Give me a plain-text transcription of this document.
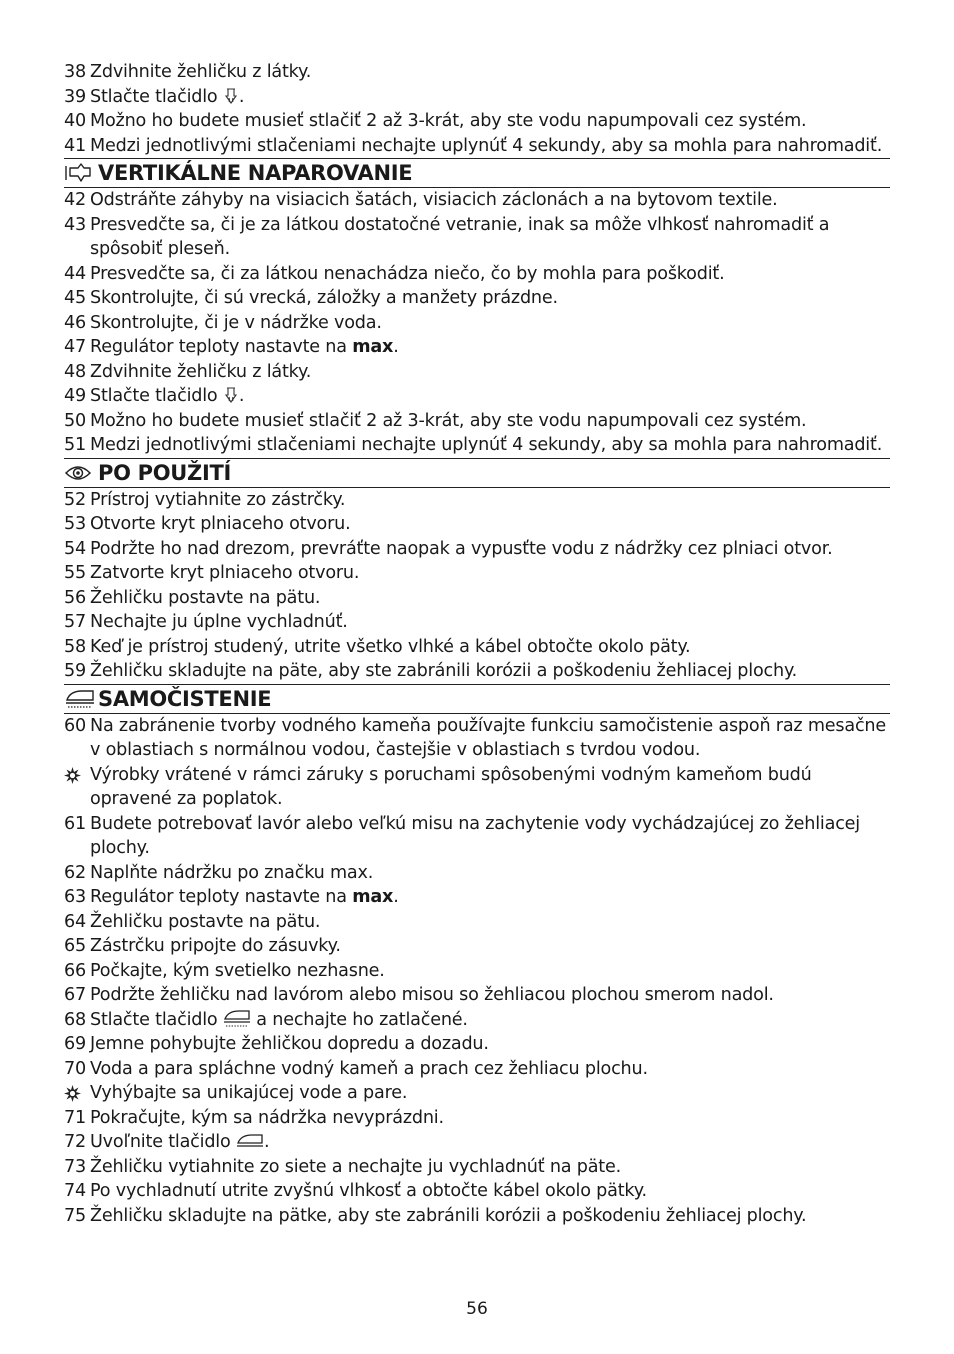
38 Zdvihnite žehličku z látky.
39 Stlačte tlačidlo .
40 Možno ho budete musieť stlačiť 2 až 3-krát, aby ste vodu napumpovali cez systém.
41 Medzi jednotlivými stlačeniami nechajte uplynúť 4 sekundy, aby sa mohla para nahromadiť.
VERTIKÁLNE NAPAROVANIE
42 Odstráňte záhyby na visiacich šatách, visiacich záclonách a na bytovom textile.
43 Presvedčte sa, či je za látkou dostatočné vetranie, inak sa môže vlhkosť nahromadiť a spôsobiť pleseň.
44 Presvedčte sa, či za látkou nenachádza niečo, čo by mohla para poškodiť.
45 Skontrolujte, či sú vrecká, záložky a manžety prázdne.
46 Skontrolujte, či je v nádržke voda.
47 Regulátor teploty nastavte na max.
48 Zdvihnite žehličku z látky.
49 Stlačte tlačidlo .
50 Možno ho budete musieť stlačiť 2 až 3-krát, aby ste vodu napumpovali cez systém.
51 Medzi jednotlivými stlačeniami nechajte uplynúť 4 sekundy, aby sa mohla para nahromadiť.
PO POUŽITÍ
52 Prístroj vytiahnite zo zástrčky.
53 Otvorte kryt plniaceho otvoru.
54 Podržte ho nad drezom, prevráťte naopak a vypusťte vodu z nádržky cez plniaci otvor.
55 Zatvorte kryt plniaceho otvoru.
56 Žehličku postavte na pätu.
57 Nechajte ju úplne vychladnúť.
58 Keď je prístroj studený, utrite všetko vlhké a kábel obtočte okolo päty.
59 Žehličku skladujte na päte, aby ste zabránili korózii a poškodeniu žehliacej plochy.
SAMOČISTENIE
60 Na zabránenie tvorby vodného kameňa používajte funkciu samočistenie aspoň raz mesačne v oblastiach s normálnou vodou, častejšie v oblastiach s tvrdou vodou.
Výrobky vrátené v rámci záruky s poruchami spôsobenými vodným kameňom budú opravené za poplatok.
61 Budete potrebovať lavór alebo veľkú misu na zachytenie vody vychádzajúcej zo žehliacej plochy.
62 Naplňte nádržku po značku max.
63 Regulátor teploty nastavte na max.
64 Žehličku postavte na pätu.
65 Zástrčku pripojte do zásuvky.
66 Počkajte, kým svetielko nezhasne.
67 Podržte žehličku nad lavórom alebo misou so žehliacou plochou smerom nadol.
68 Stlačte tlačidlo  a nechajte ho zatlačené.
69 Jemne pohybujte žehličkou dopredu a dozadu.
70 Voda a para spláchne vodný kameň a prach cez žehliacu plochu.
Vyhýbajte sa unikajúcej vode a pare.
71 Pokračujte, kým sa nádržka nevyprázdni.
72 Uvoľnite tlačidlo .
73 Žehličku vytiahnite zo siete a nechajte ju vychladnúť na päte.
74 Po vychladnutí utrite zvyšnú vlhkosť a obtočte kábel okolo pätky.
75 Žehličku skladujte na pätke, aby ste zabránili korózii a poškodeniu žehliacej plochy.
56
